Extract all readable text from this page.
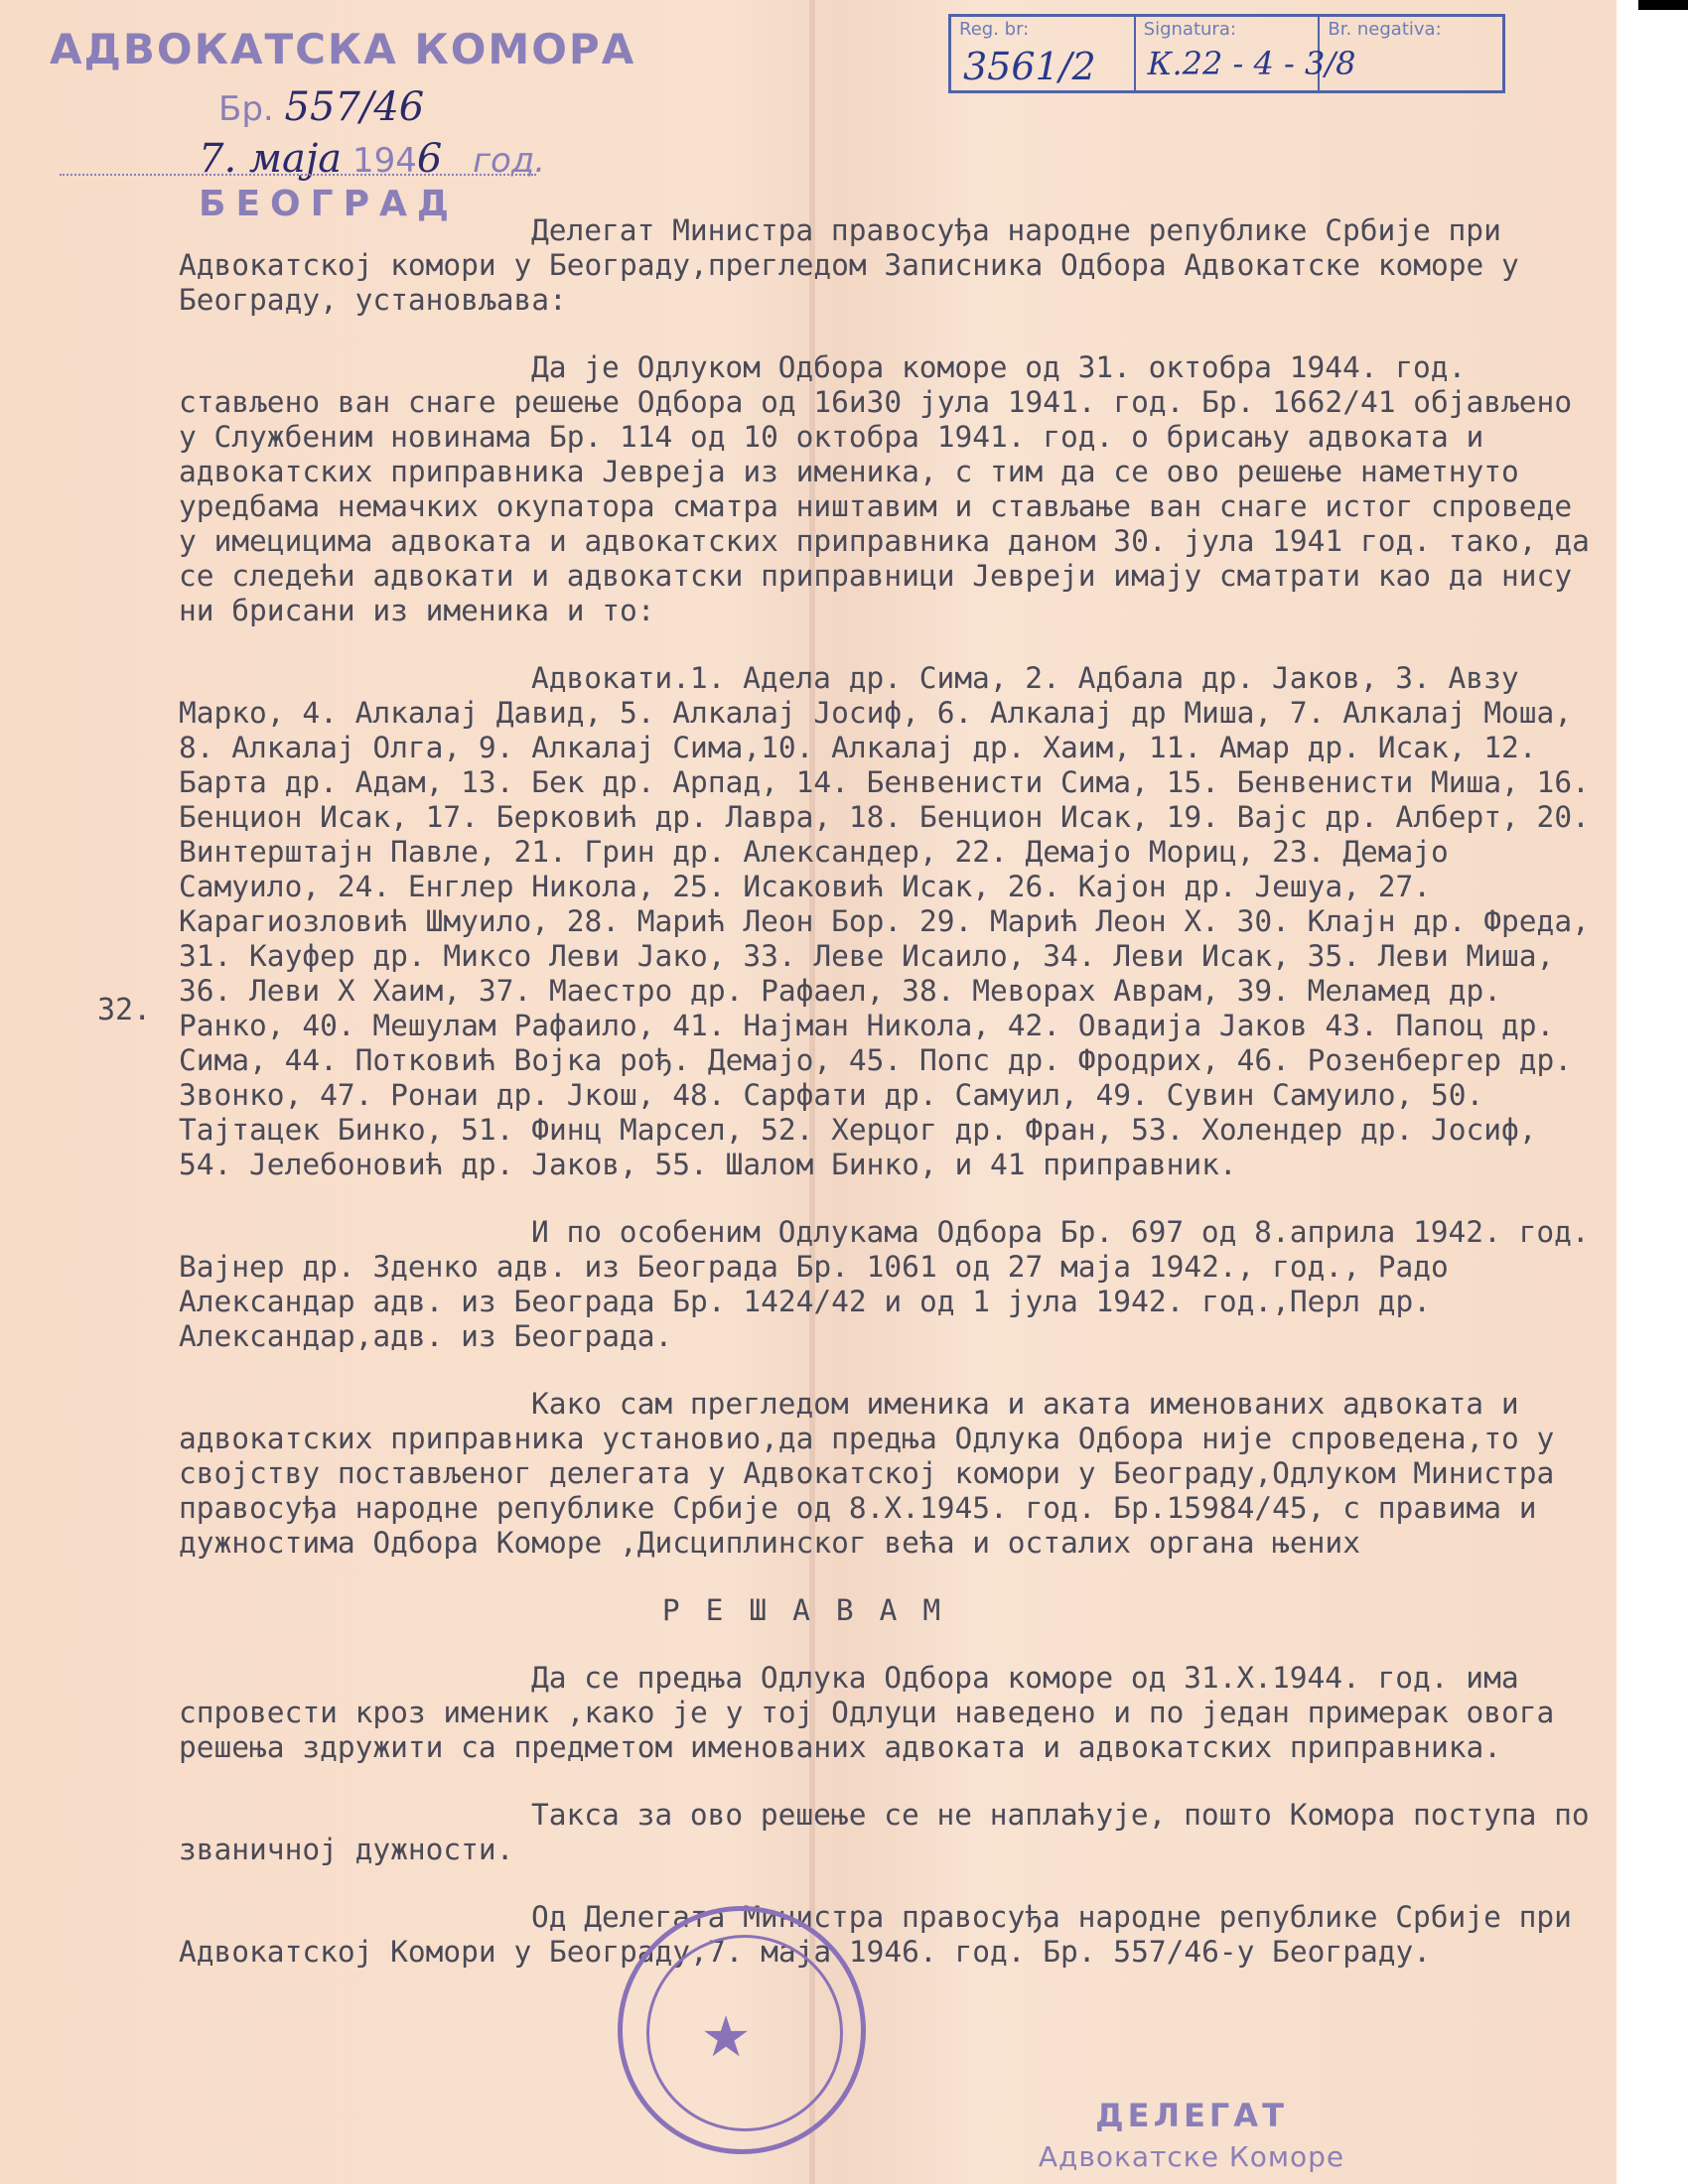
АДВОКАТСКА КОМОРА
Бр. 557/46
7. маја 1946 год.
БЕОГРАД
Reg. br:
3561/2
Signatura:
К.22 - 4 - 3/8
Br. negativa:
32.

Делегат Министра правосуђа народне републике Србије при Адвокатској комори у Београду,прегледом Записника Одбора Адвокатске коморе у Београду, установљава:

Да је Одлуком Одбора коморе од 31. октобра 1944. год. стављено ван снаге решење Одбора од 16и30 јула 1941. год. Бр. 1662/41 објављено у Службеним новинама Бр. 114 од 10 октобра 1941. год. о брисању адвоката и адвокатских приправника Јевреја из именика, с тим да се ово решење наметнуто уредбама немачких окупатора сматра ништавим и стављање ван снаге истог спроведе у имецицима адвоката и адвокатских приправника даном 30. јула 1941 год. тако, да се следећи адвокати и адвокатски приправници Јевреји имају сматрати као да нису ни брисани из именика и то:

Адвокати.1. Адела др. Сима, 2. Адбала др. Јаков, 3. Авзу Марко, 4. Алкалај Давид, 5. Алкалај Јосиф, 6. Алкалај др Миша, 7. Алкалај Моша, 8. Алкалај Олга, 9. Алкалај Сима,10. Алкалај др. Хаим, 11. Амар др. Исак, 12. Барта др. Адам, 13. Бек др. Арпад, 14. Бенвенисти Сима, 15. Бенвенисти Миша, 16. Бенцион Исак, 17. Берковић др. Лавра, 18. Бенцион Исак, 19. Вајс др. Алберт, 20. Винтерштајн Павле, 21. Грин др. Александер, 22. Демајо Мориц, 23. Демајо Самуило, 24. Енглер Никола, 25. Исаковић Исак, 26. Кајон др. Јешуа, 27. Карагиозловић Шмуило, 28. Марић Леон Бор. 29. Марић Леон Х. 30. Клајн др. Фреда, 31. Кауфер др. Миксо Леви Јако, 33. Леве Исаило, 34. Леви Исак, 35. Леви Миша, 36. Леви Х Хаим, 37. Маестро др. Рафаел, 38. Меворах Аврам, 39. Меламед др. Ранко, 40. Мешулам Рафаило, 41. Најман Никола, 42. Овадија Јаков 43. Папоц др. Сима, 44. Потковић Војка рођ. Демајо, 45. Попс др. Фродрих, 46. Розенбергер др. Звонко, 47. Ронаи др. Јкош, 48. Сарфати др. Самуил, 49. Сувин Самуило, 50. Тајтацек Бинко, 51. Финц Марсел, 52. Херцог др. Фран, 53. Холендер др. Јосиф, 54. Јелебоновић др. Јаков, 55. Шалом Бинко, и 41 приправник.

И по особеним Одлукама Одбора Бр. 697 од 8.априла 1942. год. Вајнер др. Зденко адв. из Београда Бр. 1061 од 27 маја 1942., год., Радо Александар адв. из Београда Бр. 1424/42 и од 1 јула 1942. год.,Перл др. Александар,адв. из Београда.

Како сам прегледом именика и аката именованих адвоката и адвокатских приправника установио,да предња Одлука Одбора није спроведена,то у својству постављеног делегата у Адвокатској комори у Београду,Одлуком Министра правосуђа народне републике Србије од 8.X.1945. год. Бр.15984/45, с правима и дужностима Одбора Коморе ,Дисциплинског већа и осталих органа њених

РЕШАВАМ

Да се предња Одлука Одбора коморе од 31.X.1944. год. има спровести кроз именик ,како је у тој Одлуци наведено и по један примерак овога решења здружити са предметом именованих адвоката и адвокатских приправника.

Такса за ово решење се не наплаћује, пошто Комора поступа по званичној дужности.

Од Делегата Министра правосуђа народне републике Србије при Адвокатској Комори у Београду,7. маја 1946. год. Бр. 557/46-у Београду.

★
ДЕЛЕГАТ
Адвокатске Коморе
